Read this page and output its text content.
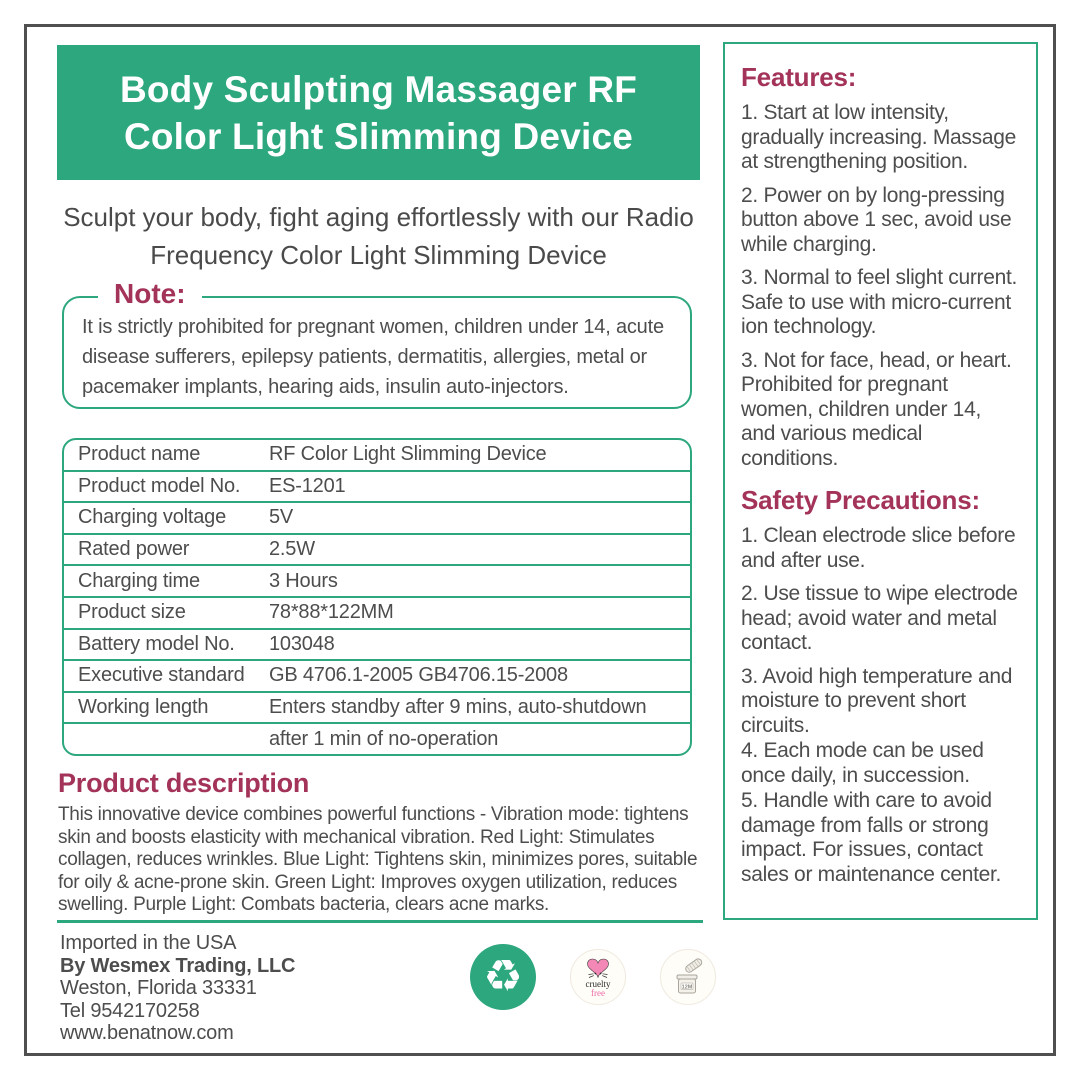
Body Sculpting Massager RF
Color Light Slimming Device
Sculpt your body, fight aging effortlessly with our Radio Frequency Color Light Slimming Device
Note:
It is strictly prohibited for pregnant women, children under 14, acute disease sufferers, epilepsy patients, dermatitis, allergies, metal or pacemaker implants, hearing aids, insulin auto-injectors.
Product name	RF Color Light Slimming Device
Product model No.	ES-1201
Charging voltage	5V
Rated power	2.5W
Charging time	3 Hours
Product size	78*88*122MM
Battery model No.	103048
Executive standard	GB 4706.1-2005 GB4706.15-2008
Working length	Enters standby after 9 mins, auto-shutdown
after 1 min of no-operation
Product description
This innovative device combines powerful functions - Vibration mode: tightens skin and boosts elasticity with mechanical vibration. Red Light: Stimulates collagen, reduces wrinkles. Blue Light: Tightens skin, minimizes pores, suitable for oily & acne-prone skin. Green Light: Improves oxygen utilization, reduces swelling. Purple Light: Combats bacteria, clears acne marks.
Imported in the USA
By Wesmex Trading, LLC
Weston, Florida 33331
Tel 9542170258
www.benatnow.com
♻	cruelty
free
12M
Features:
1. Start at low intensity, gradually increasing. Massage at strengthening position.
2. Power on by long-pressing button above 1 sec, avoid use while charging.
3. Normal to feel slight current. Safe to use with micro-current ion technology.
3. Not for face, head, or heart. Prohibited for pregnant women, children under 14, and various medical conditions.
Safety Precautions:
1. Clean electrode slice before and after use.
2. Use tissue to wipe electrode head; avoid water and metal contact.
3. Avoid high temperature and moisture to prevent short circuits.
4. Each mode can be used once daily, in succession.
5. Handle with care to avoid damage from falls or strong impact. For issues, contact sales or maintenance center.
